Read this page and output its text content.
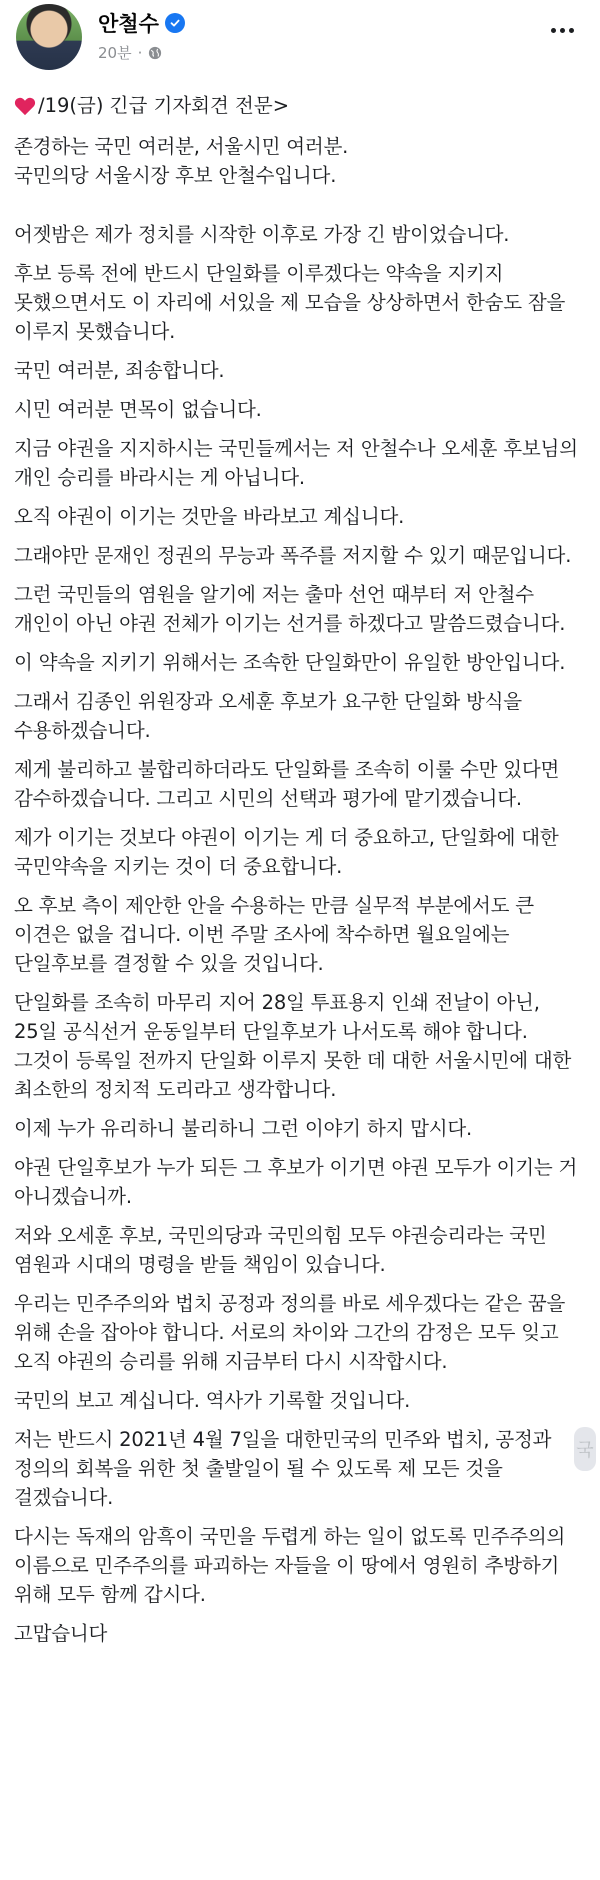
안철수
20분 ·
/19(금) 긴급 기자회견 전문>

존경하는 국민 여러분, 서울시민 여러분.
국민의당 서울시장 후보 안철수입니다.

어젯밤은 제가 정치를 시작한 이후로 가장 긴 밤이었습니다.

후보 등록 전에 반드시 단일화를 이루겠다는 약속을 지키지 못했으면서도 이 자리에 서있을 제 모습을 상상하면서 한숨도 잠을 이루지 못했습니다.

국민 여러분, 죄송합니다.

시민 여러분 면목이 없습니다.

지금 야권을 지지하시는 국민들께서는 저 안철수나 오세훈 후보님의 개인 승리를 바라시는 게 아닙니다.

오직 야권이 이기는 것만을 바라보고 계십니다.

그래야만 문재인 정권의 무능과 폭주를 저지할 수 있기 때문입니다.

그런 국민들의 염원을 알기에 저는 출마 선언 때부터 저 안철수 개인이 아닌 야권 전체가 이기는 선거를 하겠다고 말씀드렸습니다.

이 약속을 지키기 위해서는 조속한 단일화만이 유일한 방안입니다.

그래서 김종인 위원장과 오세훈 후보가 요구한 단일화 방식을 수용하겠습니다.

제게 불리하고 불합리하더라도 단일화를 조속히 이룰 수만 있다면 감수하겠습니다. 그리고 시민의 선택과 평가에 맡기겠습니다.

제가 이기는 것보다 야권이 이기는 게 더 중요하고, 단일화에 대한 국민약속을 지키는 것이 더 중요합니다.

오 후보 측이 제안한 안을 수용하는 만큼 실무적 부분에서도 큰 이견은 없을 겁니다. 이번 주말 조사에 착수하면 월요일에는 단일후보를 결정할 수 있을 것입니다.

단일화를 조속히 마무리 지어 28일 투표용지 인쇄 전날이 아닌, 25일 공식선거 운동일부터 단일후보가 나서도록 해야 합니다. 그것이 등록일 전까지 단일화 이루지 못한 데 대한 서울시민에 대한 최소한의 정치적 도리라고 생각합니다.

이제 누가 유리하니 불리하니 그런 이야기 하지 맙시다.

야권 단일후보가 누가 되든 그 후보가 이기면 야권 모두가 이기는 거 아니겠습니까.

저와 오세훈 후보, 국민의당과 국민의힘 모두 야권승리라는 국민 염원과 시대의 명령을 받들 책임이 있습니다.

우리는 민주주의와 법치 공정과 정의를 바로 세우겠다는 같은 꿈을 위해 손을 잡아야 합니다. 서로의 차이와 그간의 감정은 모두 잊고 오직 야권의 승리를 위해 지금부터 다시 시작합시다.

국민의 보고 계십니다. 역사가 기록할 것입니다.

저는 반드시 2021년 4월 7일을 대한민국의 민주와 법치, 공정과 정의의 회복을 위한 첫 출발일이 될 수 있도록 제 모든 것을 걸겠습니다.

다시는 독재의 암흑이 국민을 두렵게 하는 일이 없도록 민주주의의 이름으로 민주주의를 파괴하는 자들을 이 땅에서 영원히 추방하기 위해 모두 함께 갑시다.

고맙습니다

국
